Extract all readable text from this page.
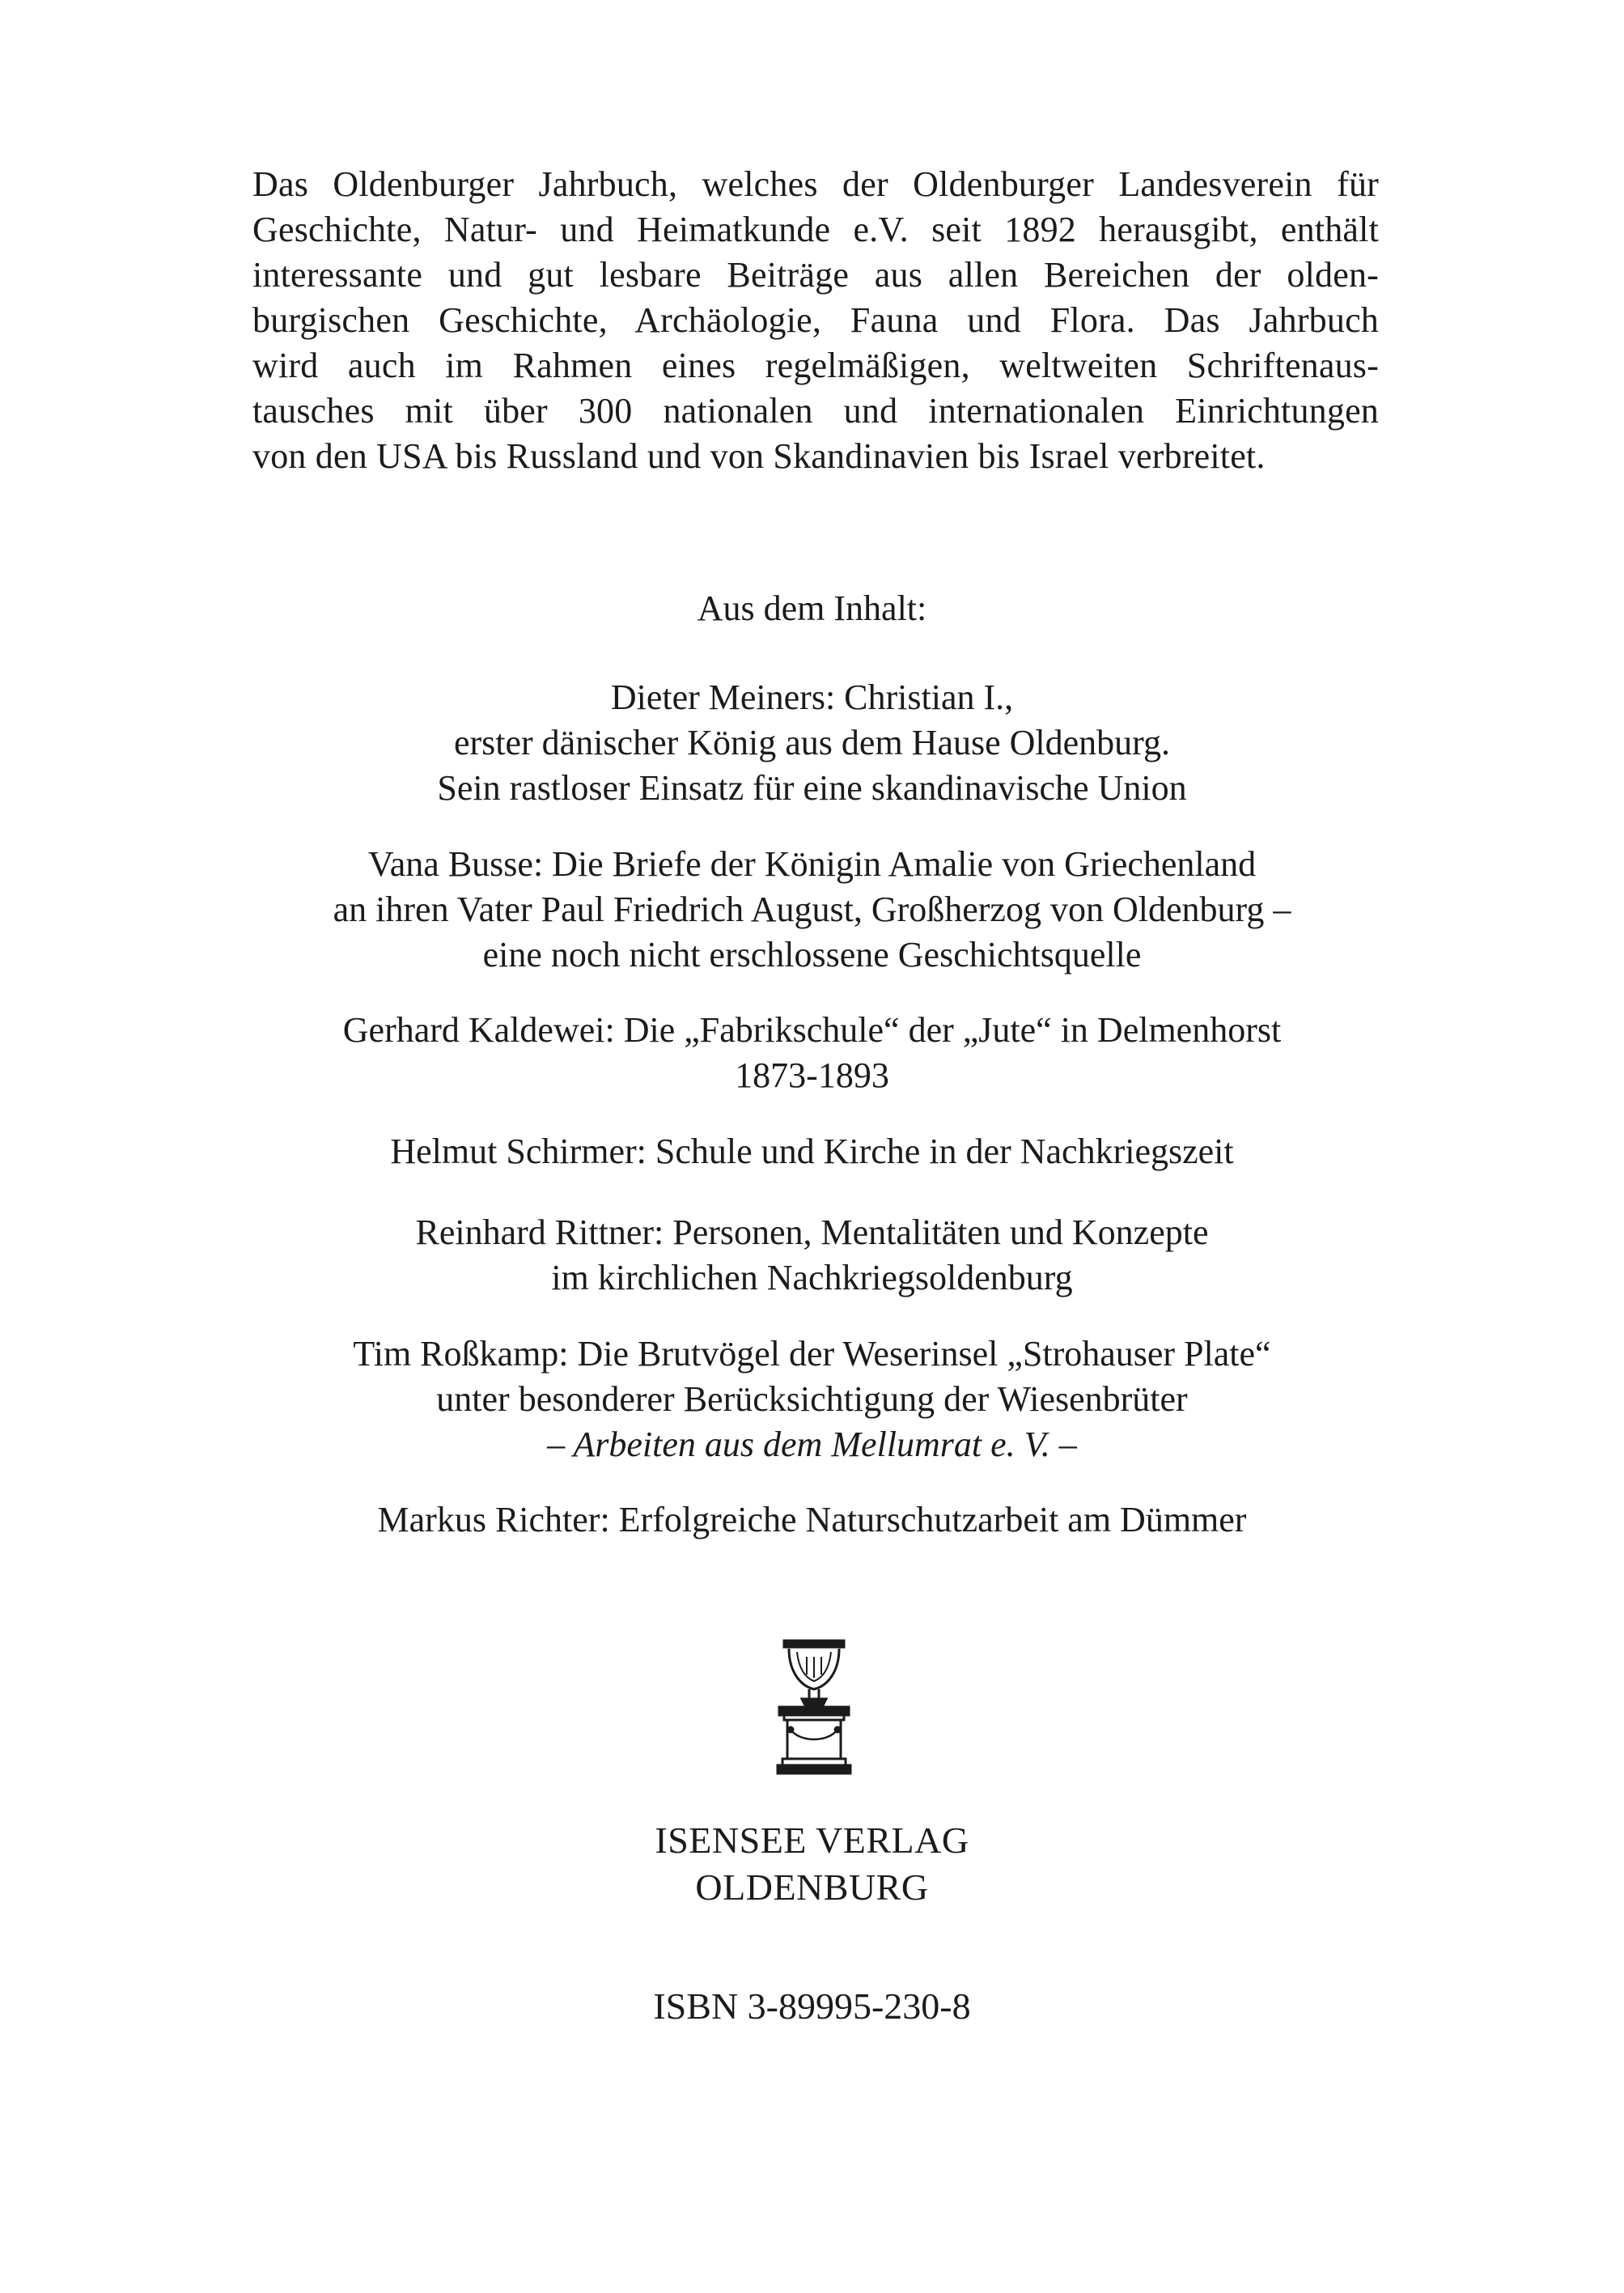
Das Oldenburger Jahrbuch, welches der Oldenburger Landesverein für
Geschichte, Natur- und Heimatkunde e.V. seit 1892 herausgibt, enthält
interessante und gut lesbare Beiträge aus allen Bereichen der olden-
burgischen Geschichte, Archäologie, Fauna und Flora. Das Jahrbuch
wird auch im Rahmen eines regelmäßigen, weltweiten Schriftenaus-
tausches mit über 300 nationalen und internationalen Einrichtungen
von den USA bis Russland und von Skandinavien bis Israel verbreitet.
Aus dem Inhalt:
Dieter Meiners: Christian I.,
erster dänischer König aus dem Hause Oldenburg.
Sein rastloser Einsatz für eine skandinavische Union
Vana Busse: Die Briefe der Königin Amalie von Griechenland
an ihren Vater Paul Friedrich August, Großherzog von Oldenburg –
eine noch nicht erschlossene Geschichtsquelle
Gerhard Kaldewei: Die „Fabrikschule“ der „Jute“ in Delmenhorst
1873-1893
Helmut Schirmer: Schule und Kirche in der Nachkriegszeit
Reinhard Rittner: Personen, Mentalitäten und Konzepte
im kirchlichen Nachkriegsoldenburg
Tim Roßkamp: Die Brutvögel der Weserinsel „Strohauser Plate“
unter besonderer Berücksichtigung der Wiesenbrüter
– Arbeiten aus dem Mellumrat e. V. –
Markus Richter: Erfolgreiche Naturschutzarbeit am Dümmer
ISENSEE VERLAG
OLDENBURG
ISBN 3-89995-230-8
